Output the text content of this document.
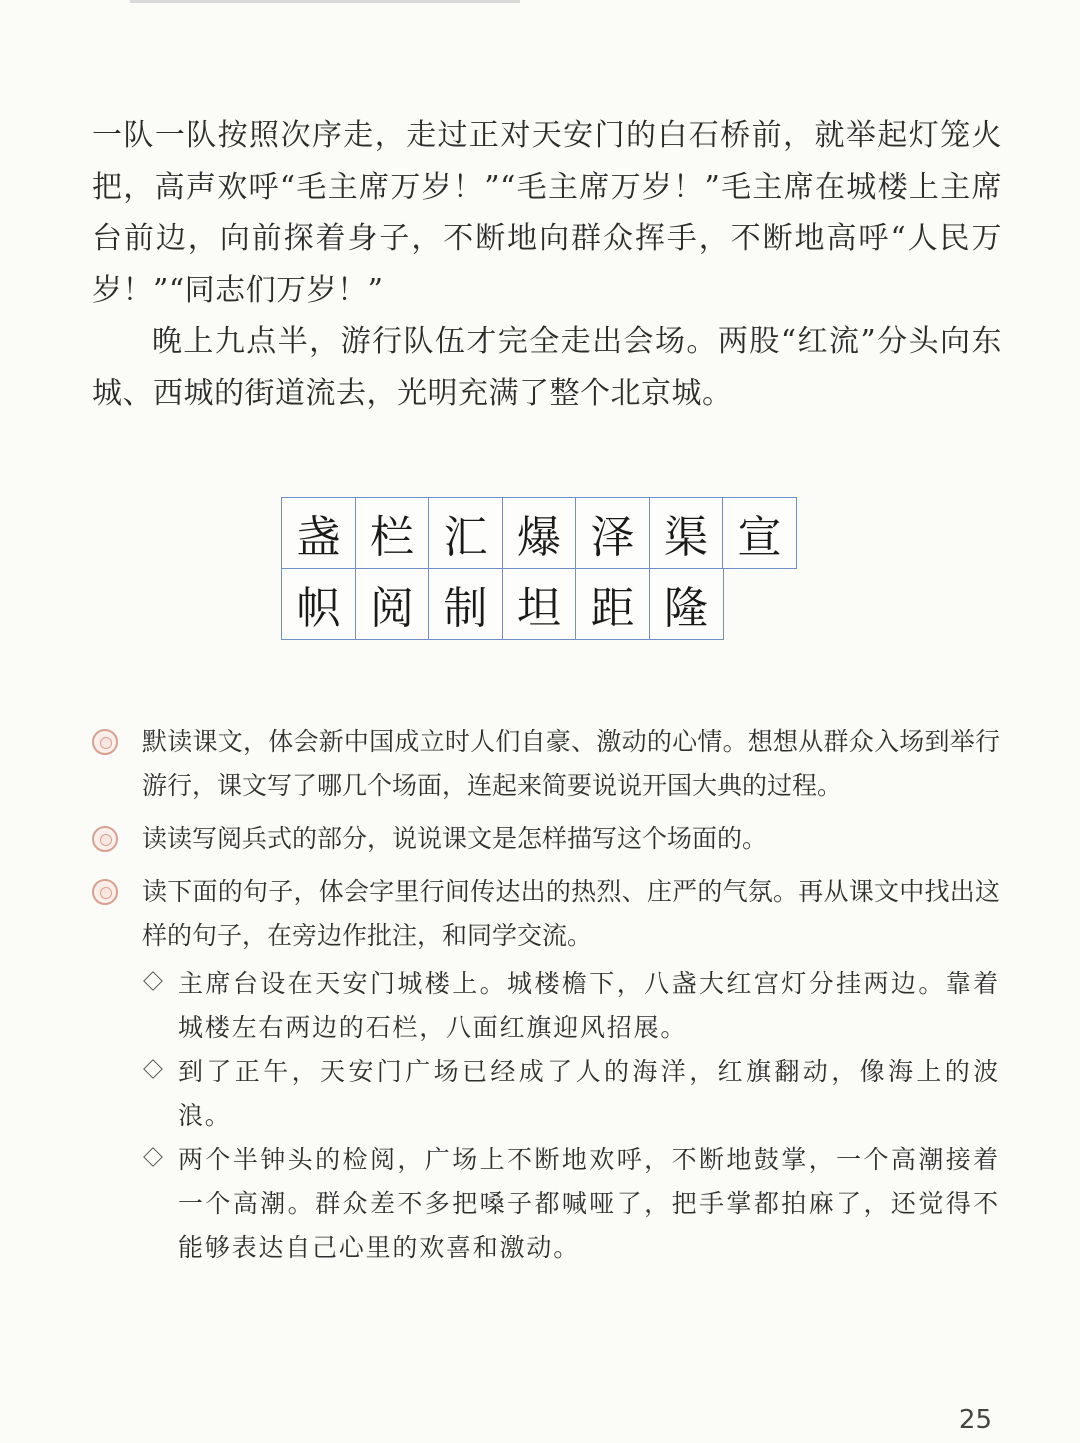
一队一队按照次序走，走过正对天安门的白石桥前，就举起灯笼火把，高声欢呼“毛主席万岁！”“毛主席万岁！”毛主席在城楼上主席台前边，向前探着身子，不断地向群众挥手，不断地高呼“人民万岁！”“同志们万岁！”

晚上九点半，游行队伍才完全走出会场。两股“红流”分头向东城、西城的街道流去，光明充满了整个北京城。

盏 栏 汇 爆 泽 渠 宣
帜 阅 制 坦 距 隆

默读课文，体会新中国成立时人们自豪、激动的心情。想想从群众入场到举行游行，课文写了哪几个场面，连起来简要说说开国大典的过程。

读读写阅兵式的部分，说说课文是怎样描写这个场面的。

读下面的句子，体会字里行间传达出的热烈、庄严的气氛。再从课文中找出这样的句子，在旁边作批注，和同学交流。

主席台设在天安门城楼上。城楼檐下，八盏大红宫灯分挂两边。靠着城楼左右两边的石栏，八面红旗迎风招展。

到了正午，天安门广场已经成了人的海洋，红旗翻动，像海上的波浪。

两个半钟头的检阅，广场上不断地欢呼，不断地鼓掌，一个高潮接着一个高潮。群众差不多把嗓子都喊哑了，把手掌都拍麻了，还觉得不能够表达自己心里的欢喜和激动。

25
